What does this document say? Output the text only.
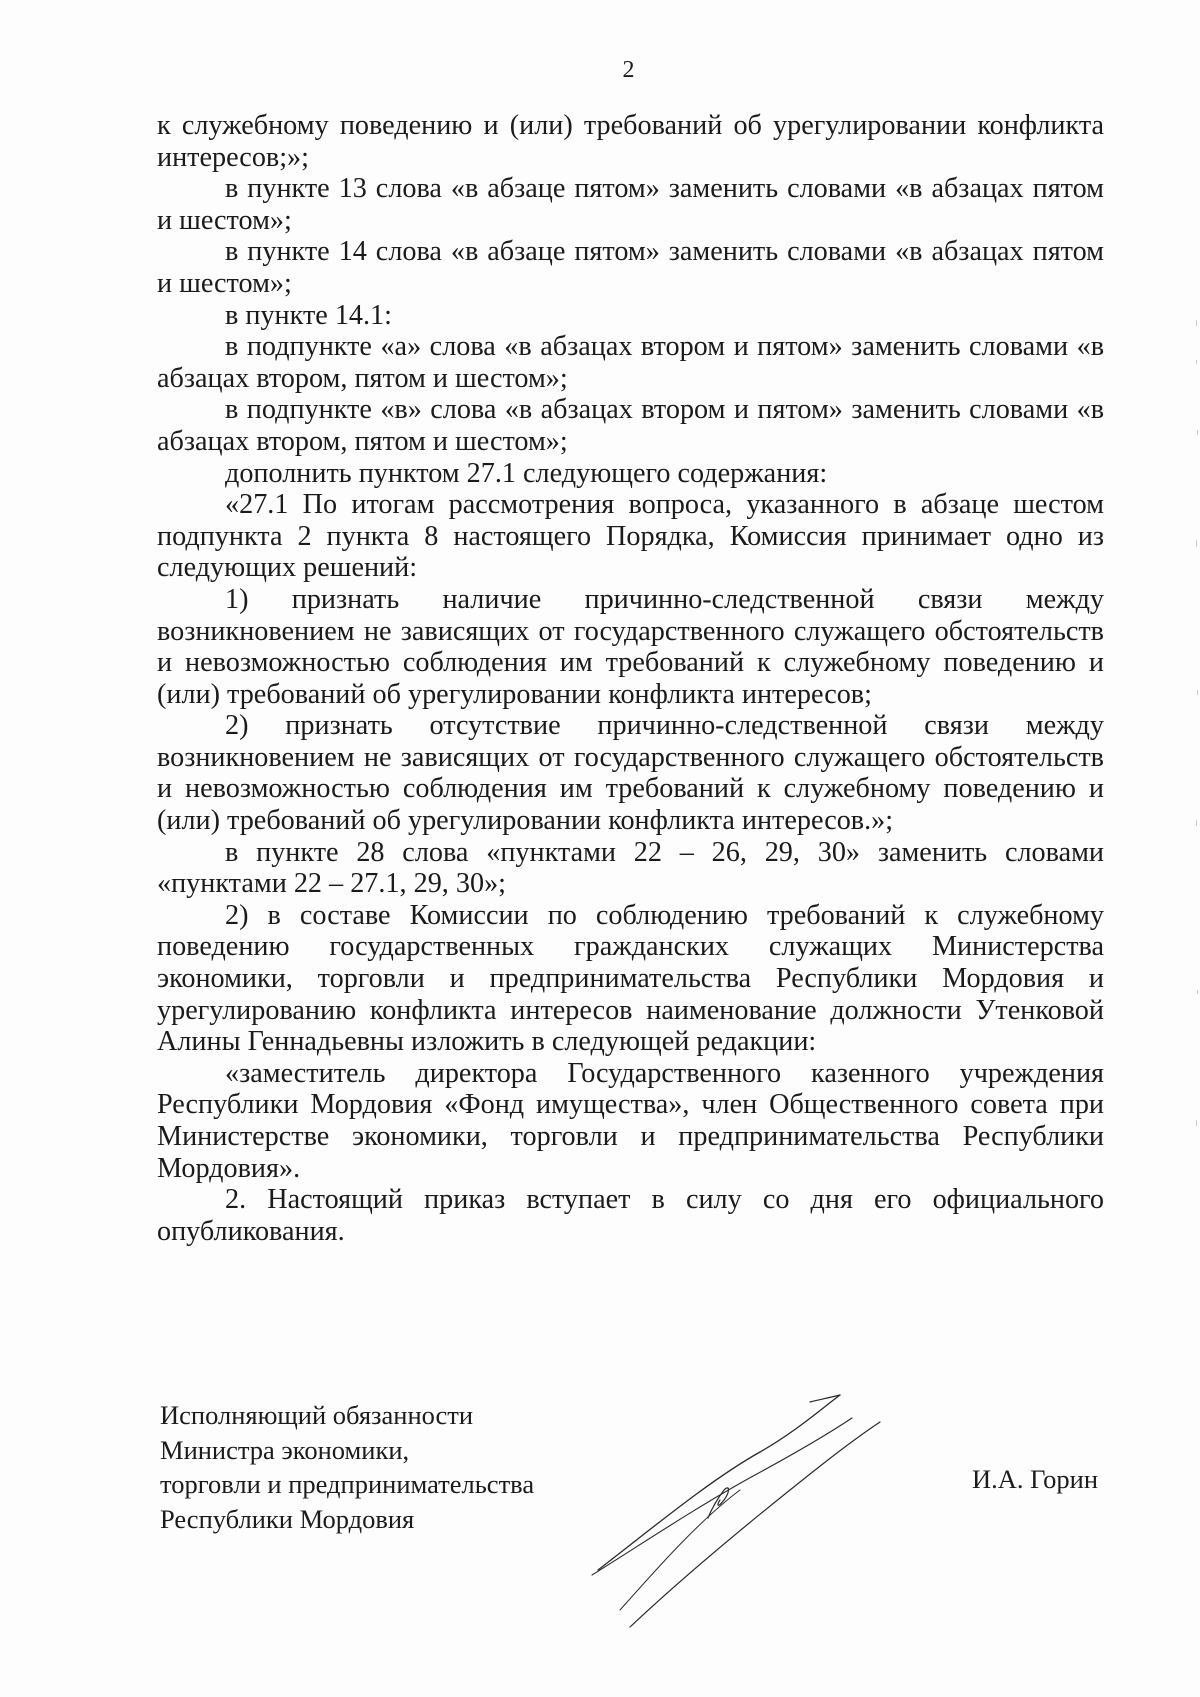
2

к служебному поведению и (или) требований об урегулировании конфликта интересов;»;

в пункте 13 слова «в абзаце пятом» заменить словами «в абзацах пятом и шестом»;

в пункте 14 слова «в абзаце пятом» заменить словами «в абзацах пятом и шестом»;

в пункте 14.1:

в подпункте «а» слова «в абзацах втором и пятом» заменить словами «в абзацах втором, пятом и шестом»;

в подпункте «в» слова «в абзацах втором и пятом» заменить словами «в абзацах втором, пятом и шестом»;

дополнить пунктом 27.1 следующего содержания:

«27.1 По итогам рассмотрения вопроса, указанного в абзаце шестом подпункта 2 пункта 8 настоящего Порядка, Комиссия принимает одно из следующих решений:

1) признать наличие причинно-следственной связи между возникновением не зависящих от государственного служащего обстоятельств и невозможностью соблюдения им требований к служебному поведению и (или) требований об урегулировании конфликта интересов;

2) признать отсутствие причинно-следственной связи между возникновением не зависящих от государственного служащего обстоятельств и невозможностью соблюдения им требований к служебному поведению и (или) требований об урегулировании конфликта интересов.»;

в пункте 28 слова «пунктами 22 – 26, 29, 30» заменить словами «пунктами 22 – 27.1, 29, 30»;

2) в составе Комиссии по соблюдению требований к служебному поведению государственных гражданских служащих Министерства экономики, торговли и предпринимательства Республики Мордовия и урегулированию конфликта интересов наименование должности Утенковой Алины Геннадьевны изложить в следующей редакции:

«заместитель директора Государственного казенного учреждения Республики Мордовия «Фонд имущества», член Общественного совета при Министерстве экономики, торговли и предпринимательства Республики Мордовия».

2. Настоящий приказ вступает в силу со дня его официального опубликования.

Исполняющий обязанности
Министра экономики,
торговли и предпринимательства
Республики Мордовия
И.А. Горин
